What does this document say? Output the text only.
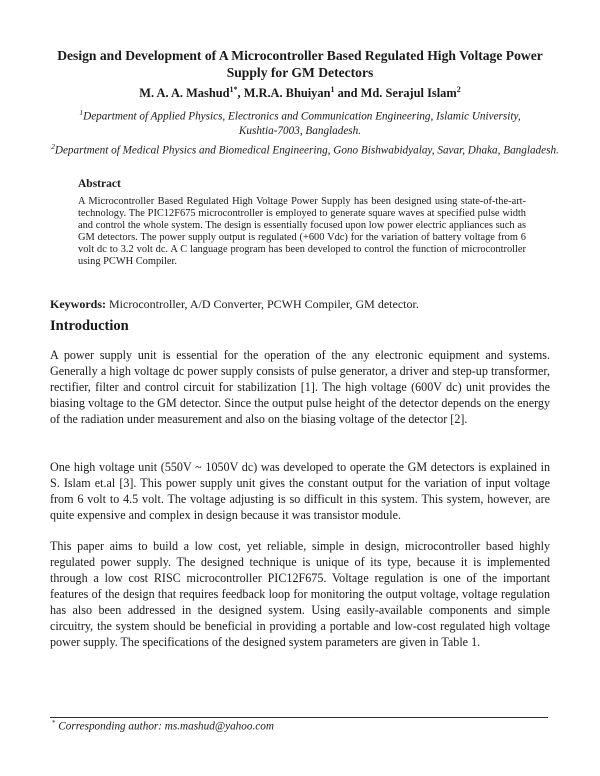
Design and Development of A Microcontroller Based Regulated High Voltage Power Supply for GM Detectors

M. A. A. Mashud$^{1*}$, M.R.A. Bhuiyan$^1$ and Md. Serajul Islam$^2$

$^1$Department of Applied Physics, Electronics and Communication Engineering, Islamic University, Kushtia-7003, Bangladesh.

$^2$Department of Medical Physics and Biomedical Engineering, Gono Bishwabidyalay, Savar, Dhaka, Bangladesh.

Abstract

A Microcontroller Based Regulated High Voltage Power Supply has been designed using state-of-the-art-technology. The PIC12F675 microcontroller is employed to generate square waves at specified pulse width and control the whole system. The design is essentially focused upon low power electric appliances such as GM detectors. The power supply output is regulated (+600 Vdc) for the variation of battery voltage from 6 volt dc to 3.2 volt dc. A C language program has been developed to control the function of microcontroller using PCWH Compiler.

Keywords: Microcontroller, A/D Converter, PCWH Compiler, GM detector.

Introduction

A power supply unit is essential for the operation of the any electronic equipment and systems. Generally a high voltage dc power supply consists of pulse generator, a driver and step-up transformer, rectifier, filter and control circuit for stabilization [1]. The high voltage (600V dc) unit provides the biasing voltage to the GM detector. Since the output pulse height of the detector depends on the energy of the radiation under measurement and also on the biasing voltage of the detector [2].

One high voltage unit (550V ~ 1050V dc) was developed to operate the GM detectors is explained in S. Islam et.al [3]. This power supply unit gives the constant output for the variation of input voltage from 6 volt to 4.5 volt. The voltage adjusting is so difficult in this system. This system, however, are quite expensive and complex in design because it was transistor module.

This paper aims to build a low cost, yet reliable, simple in design, microcontroller based highly regulated power supply. The designed technique is unique of its type, because it is implemented through a low cost RISC microcontroller PIC12F675. Voltage regulation is one of the important features of the design that requires feedback loop for monitoring the output voltage, voltage regulation has also been addressed in the designed system. Using easily-available components and simple circuitry, the system should be beneficial in providing a portable and low-cost regulated high voltage power supply. The specifications of the designed system parameters are given in Table 1.

* Corresponding author: ms.mashud@yahoo.com
